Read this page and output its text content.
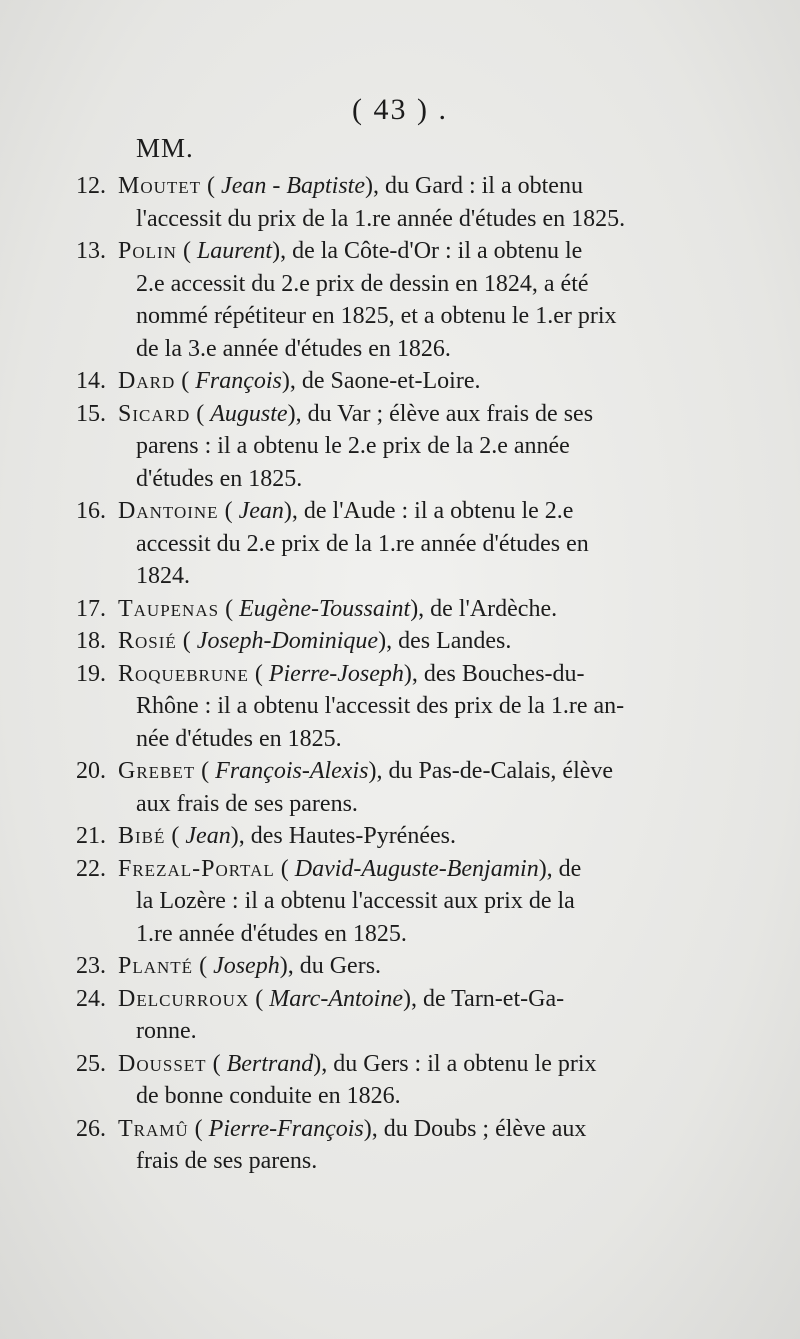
( 43 ) .
MM.
12. Moutet ( Jean - Baptiste), du Gard : il a obtenu
l'accessit du prix de la 1.re année d'études en 1825.
13. Polin ( Laurent), de la Côte-d'Or : il a obtenu le
2.e accessit du 2.e prix de dessin en 1824, a été
nommé répétiteur en 1825, et a obtenu le 1.er prix
de la 3.e année d'études en 1826.
14. Dard ( François), de Saone-et-Loire.
15. Sicard ( Auguste), du Var ; élève aux frais de ses
parens : il a obtenu le 2.e prix de la 2.e année
d'études en 1825.
16. Dantoine ( Jean), de l'Aude : il a obtenu le 2.e
accessit du 2.e prix de la 1.re année d'études en
1824.
17. Taupenas ( Eugène-Toussaint), de l'Ardèche.
18. Rosié ( Joseph-Dominique), des Landes.
19. Roquebrune ( Pierre-Joseph), des Bouches-du-
Rhône : il a obtenu l'accessit des prix de la 1.re an-
née d'études en 1825.
20. Grebet ( François-Alexis), du Pas-de-Calais, élève
aux frais de ses parens.
21. Bibé ( Jean), des Hautes-Pyrénées.
22. Frezal-Portal ( David-Auguste-Benjamin), de
la Lozère : il a obtenu l'accessit aux prix de la
1.re année d'études en 1825.
23. Planté ( Joseph), du Gers.
24. Delcurroux ( Marc-Antoine), de Tarn-et-Ga-
ronne.
25. Dousset ( Bertrand), du Gers : il a obtenu le prix
de bonne conduite en 1826.
26. Tramû ( Pierre-François), du Doubs ; élève aux
frais de ses parens.
